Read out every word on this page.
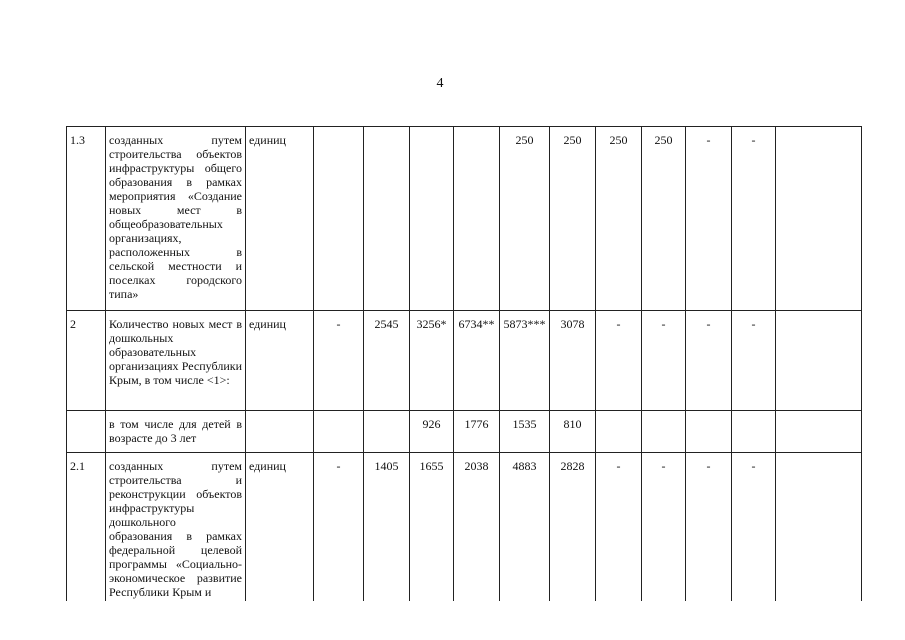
4
1.3	созданных путем строительства объектов инфраструктуры общего образования в рамках мероприятия «Создание новых мест в общеобразовательных организациях, расположенных в сельской местности и поселках городского типа»	единиц					250	250	250	250	-	-	
2	Количество новых мест в дошкольных образовательных организациях Республики Крым, в том числе <1>:	единиц	-	2545	3256*	6734**	5873***	3078	-	-	-	-	

	в том числе для детей в возрасте до 3 лет				926	1776	1535	810					
2.1	созданных путем строительства и реконструкции объектов инфраструктуры дошкольного образования в рамках федеральной целевой программы «Социально-экономическое развитие Республики Крым и	единиц	-	1405	1655	2038	4883	2828	-	-	-	-	
